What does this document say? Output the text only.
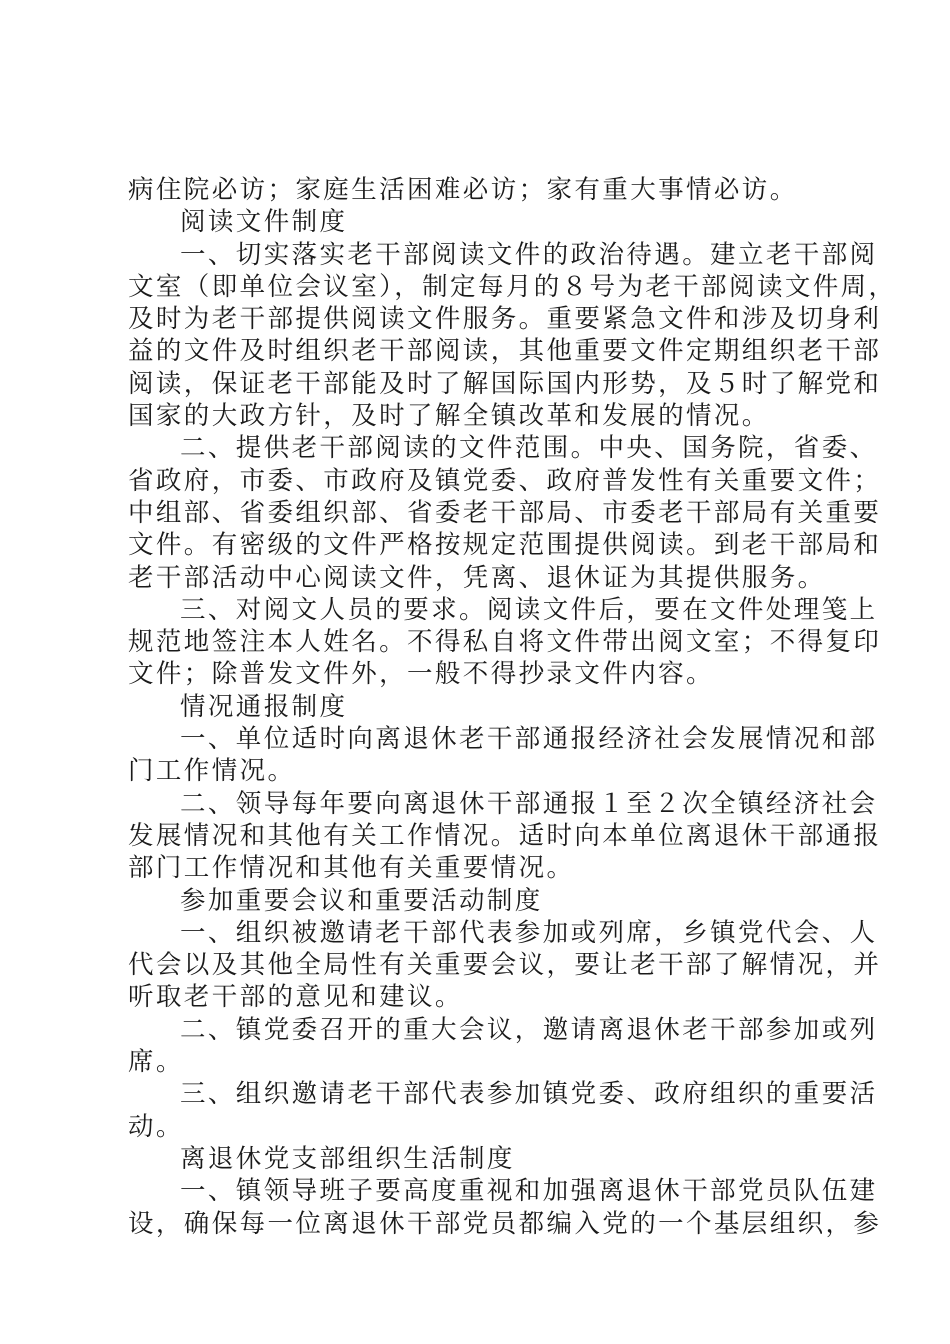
病住院必访；家庭生活困难必访；家有重大事情必访。
阅读文件制度
一、切实落实老干部阅读文件的政治待遇。建立老干部阅
文室（即单位会议室），制定每月的８号为老干部阅读文件周，
及时为老干部提供阅读文件服务。重要紧急文件和涉及切身利
益的文件及时组织老干部阅读，其他重要文件定期组织老干部
阅读，保证老干部能及时了解国际国内形势，及５时了解党和
国家的大政方针，及时了解全镇改革和发展的情况。
二、提供老干部阅读的文件范围。中央、国务院，省委、
省政府，市委、市政府及镇党委、政府普发性有关重要文件；
中组部、省委组织部、省委老干部局、市委老干部局有关重要
文件。有密级的文件严格按规定范围提供阅读。到老干部局和
老干部活动中心阅读文件，凭离、退休证为其提供服务。
三、对阅文人员的要求。阅读文件后，要在文件处理笺上
规范地签注本人姓名。不得私自将文件带出阅文室；不得复印
文件；除普发文件外，一般不得抄录文件内容。
情况通报制度
一、单位适时向离退休老干部通报经济社会发展情况和部
门工作情况。
二、领导每年要向离退休干部通报１至２次全镇经济社会
发展情况和其他有关工作情况。适时向本单位离退休干部通报
部门工作情况和其他有关重要情况。
参加重要会议和重要活动制度
一、组织被邀请老干部代表参加或列席，乡镇党代会、人
代会以及其他全局性有关重要会议，要让老干部了解情况，并
听取老干部的意见和建议。
二、镇党委召开的重大会议，邀请离退休老干部参加或列
席。
三、组织邀请老干部代表参加镇党委、政府组织的重要活
动。
离退休党支部组织生活制度
一、镇领导班子要高度重视和加强离退休干部党员队伍建
设，确保每一位离退休干部党员都编入党的一个基层组织，参
